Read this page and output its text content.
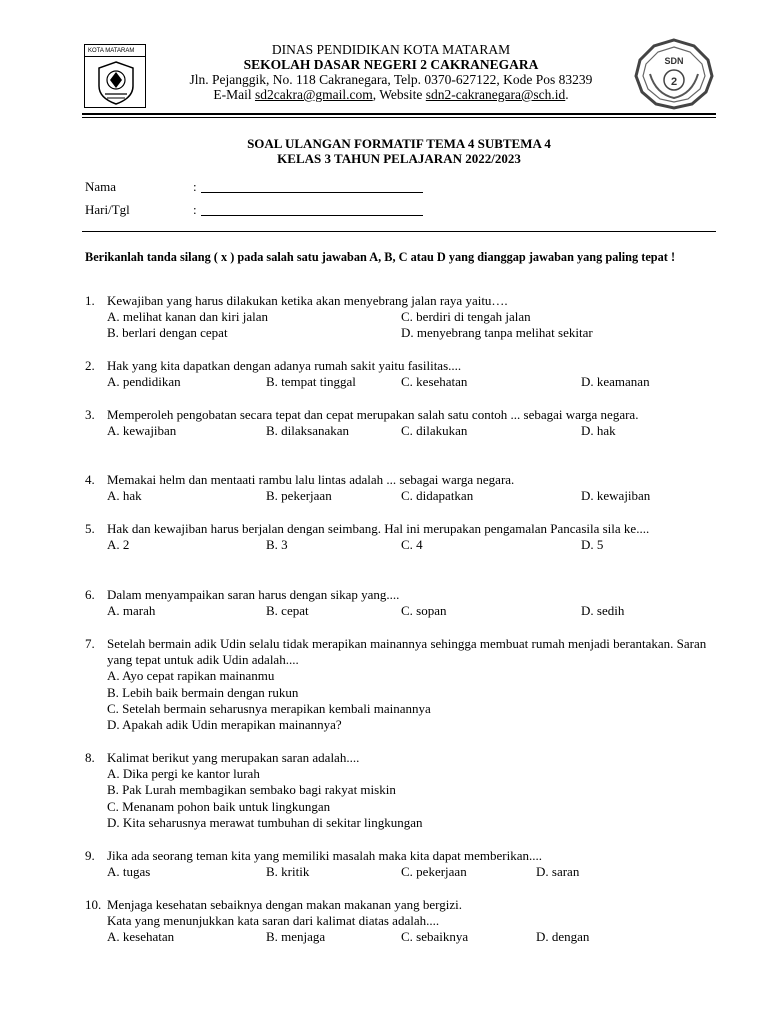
KOTA MATARAM
2
SDN
DINAS PENDIDIKAN KOTA MATARAM
SEKOLAH DASAR NEGERI 2 CAKRANEGARA
Jln. Pejanggik, No. 118 Cakranegara, Telp. 0370-627122, Kode Pos 83239
E-Mail sd2cakra@gmail.com, Website sdn2-cakranegara@sch.id.
SOAL ULANGAN FORMATIF TEMA 4 SUBTEMA 4
KELAS 3 TAHUN PELAJARAN 2022/2023
Nama	:
Hari/Tgl	:
Berikanlah tanda silang ( x ) pada salah satu jawaban A, B, C atau D yang dianggap jawaban yang paling tepat !
1. Kewajiban yang harus dilakukan ketika akan menyebrang jalan raya yaitu….
A. melihat kanan dan kiri jalan	C. berdiri di tengah jalan
B. berlari dengan cepat	D. menyebrang tanpa melihat sekitar
2. Hak yang kita dapatkan dengan adanya rumah sakit yaitu fasilitas....
A. pendidikan	B. tempat tinggal	C. kesehatan	D. keamanan
3. Memperoleh pengobatan secara tepat dan cepat merupakan salah satu contoh ... sebagai warga negara.
A. kewajiban	B. dilaksanakan	C. dilakukan	D. hak
4. Memakai helm dan mentaati rambu lalu lintas adalah ... sebagai warga negara.
A. hak	B. pekerjaan	C. didapatkan	D. kewajiban
5. Hak dan kewajiban harus berjalan dengan seimbang. Hal ini merupakan pengamalan Pancasila sila ke....
A. 2	B. 3	C. 4	D. 5
6. Dalam menyampaikan saran harus dengan sikap yang....
A. marah	B. cepat	C. sopan	D. sedih
7. Setelah bermain adik Udin selalu tidak merapikan mainannya sehingga membuat rumah menjadi berantakan. Saran yang tepat untuk adik Udin adalah....
A. Ayo cepat rapikan mainanmu
B. Lebih baik bermain dengan rukun
C. Setelah bermain seharusnya merapikan kembali mainannya
D. Apakah adik Udin merapikan mainannya?
8. Kalimat berikut yang merupakan saran adalah....
A. Dika pergi ke kantor lurah
B. Pak Lurah membagikan sembako bagi rakyat miskin
C. Menanam pohon baik untuk lingkungan
D. Kita seharusnya merawat tumbuhan di sekitar lingkungan
9. Jika ada seorang teman kita yang memiliki masalah maka kita dapat memberikan....
A. tugas	B. kritik	C. pekerjaan	D. saran
10. Menjaga kesehatan sebaiknya dengan makan makanan yang bergizi.
Kata yang menunjukkan kata saran dari kalimat diatas adalah....
A. kesehatan	B. menjaga	C. sebaiknya	D. dengan
